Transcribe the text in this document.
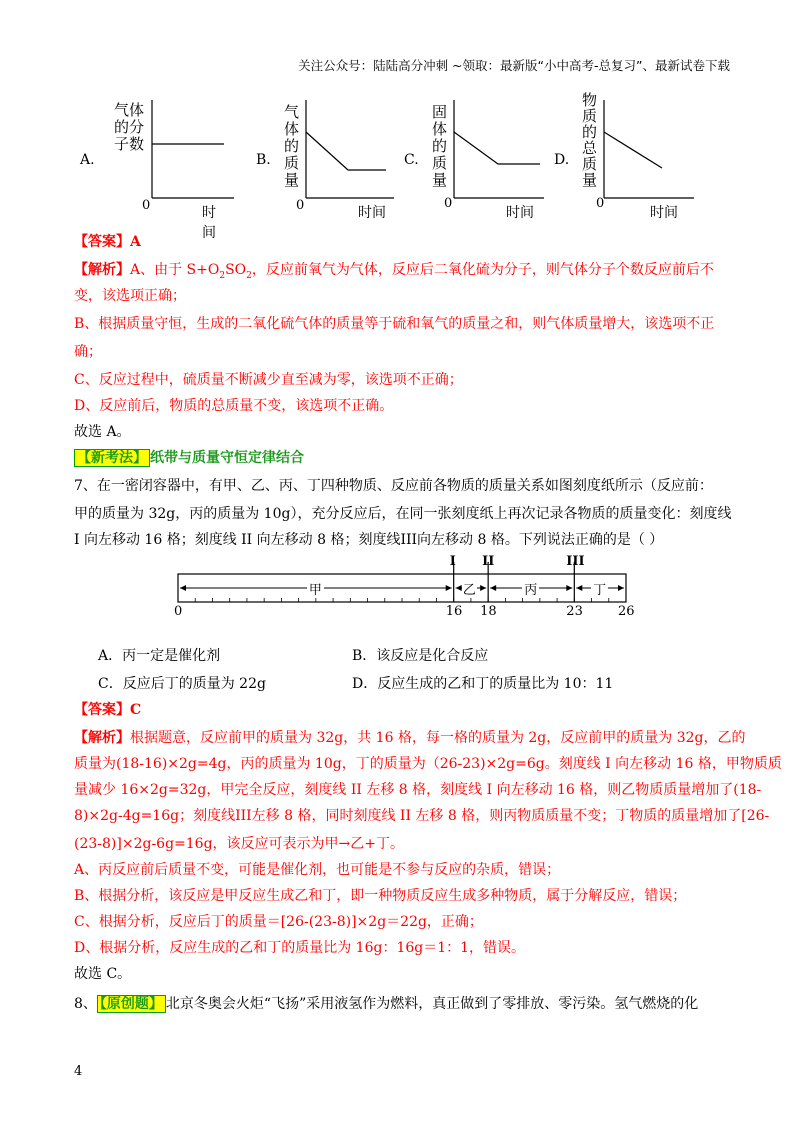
关注公众号：陆陆高分冲刺 ~领取：最新版“小中高考-总复习”、最新试卷下载
A.
气体
的分
子数
0	时间
B.
气
体
的
质
量
0	时间
C.
固
体
的
质
量
0
时间
D.
物
质
的
总
质
量
0
时间
【答案】A
【解析】A、由于 $S+O_2SO_2$，反应前氧气为气体，反应后二氧化硫为分子，则气体分子个数反应前后不
变，该选项正确；
B、根据质量守恒，生成的二氧化硫气体的质量等于硫和氧气的质量之和，则气体质量增大，该选项不正
确；
C、反应过程中，硫质量不断减少直至减为零，该选项不正确；
D、反应前后，物质的总质量不变，该选项不正确。
故选 A。
【新考法】 纸带与质量守恒定律结合
7、在一密闭容器中，有甲、乙、丙、丁四种物质、反应前各物质的质量关系如图刻度纸所示（反应前：
甲的质量为 32g，丙的质量为 10g），充分反应后，在同一张刻度纸上再次记录各物质的质量变化：刻度线
I 向左移动 16 格；刻度线 II 向左移动 8 格；刻度线III向左移动 8 格。下列说法正确的是（ ）
I II	III
甲	乙	丙	丁
0	16 18	23	26
A．丙一定是催化剂	B．该反应是化合反应
C．反应后丁的质量为 22g	D．反应生成的乙和丁的质量比为 10：11
【答案】C
【解析】根据题意，反应前甲的质量为 32g，共 16 格，每一格的质量为 2g，反应前甲的质量为 32g，乙的
质量为(18-16)×2g=4g，丙的质量为 10g，丁的质量为（26-23)×2g=6g。刻度线 I 向左移动 16 格，甲物质质
量减少 16×2g=32g，甲完全反应，刻度线 II 左移 8 格，刻度线 I 向左移动 16 格，则乙物质质量增加了(18-
8)×2g-4g=16g；刻度线III左移 8 格，同时刻度线 II 左移 8 格，则丙物质质量不变；丁物质的质量增加了[26-
(23-8)]×2g-6g=16g，该反应可表示为甲→乙+丁。
A、丙反应前后质量不变，可能是催化剂，也可能是不参与反应的杂质，错误；
B、根据分析，该反应是甲反应生成乙和丁，即一种物质反应生成多种物质，属于分解反应，错误；
C、根据分析，反应后丁的质量＝[26-(23-8)]×2g＝22g，正确；
D、根据分析，反应生成的乙和丁的质量比为 16g：16g＝1：1，错误。
故选 C。
8、 【原创题】 北京冬奥会火炬“飞扬”采用液氢作为燃料，真正做到了零排放、零污染。氢气燃烧的化
4
